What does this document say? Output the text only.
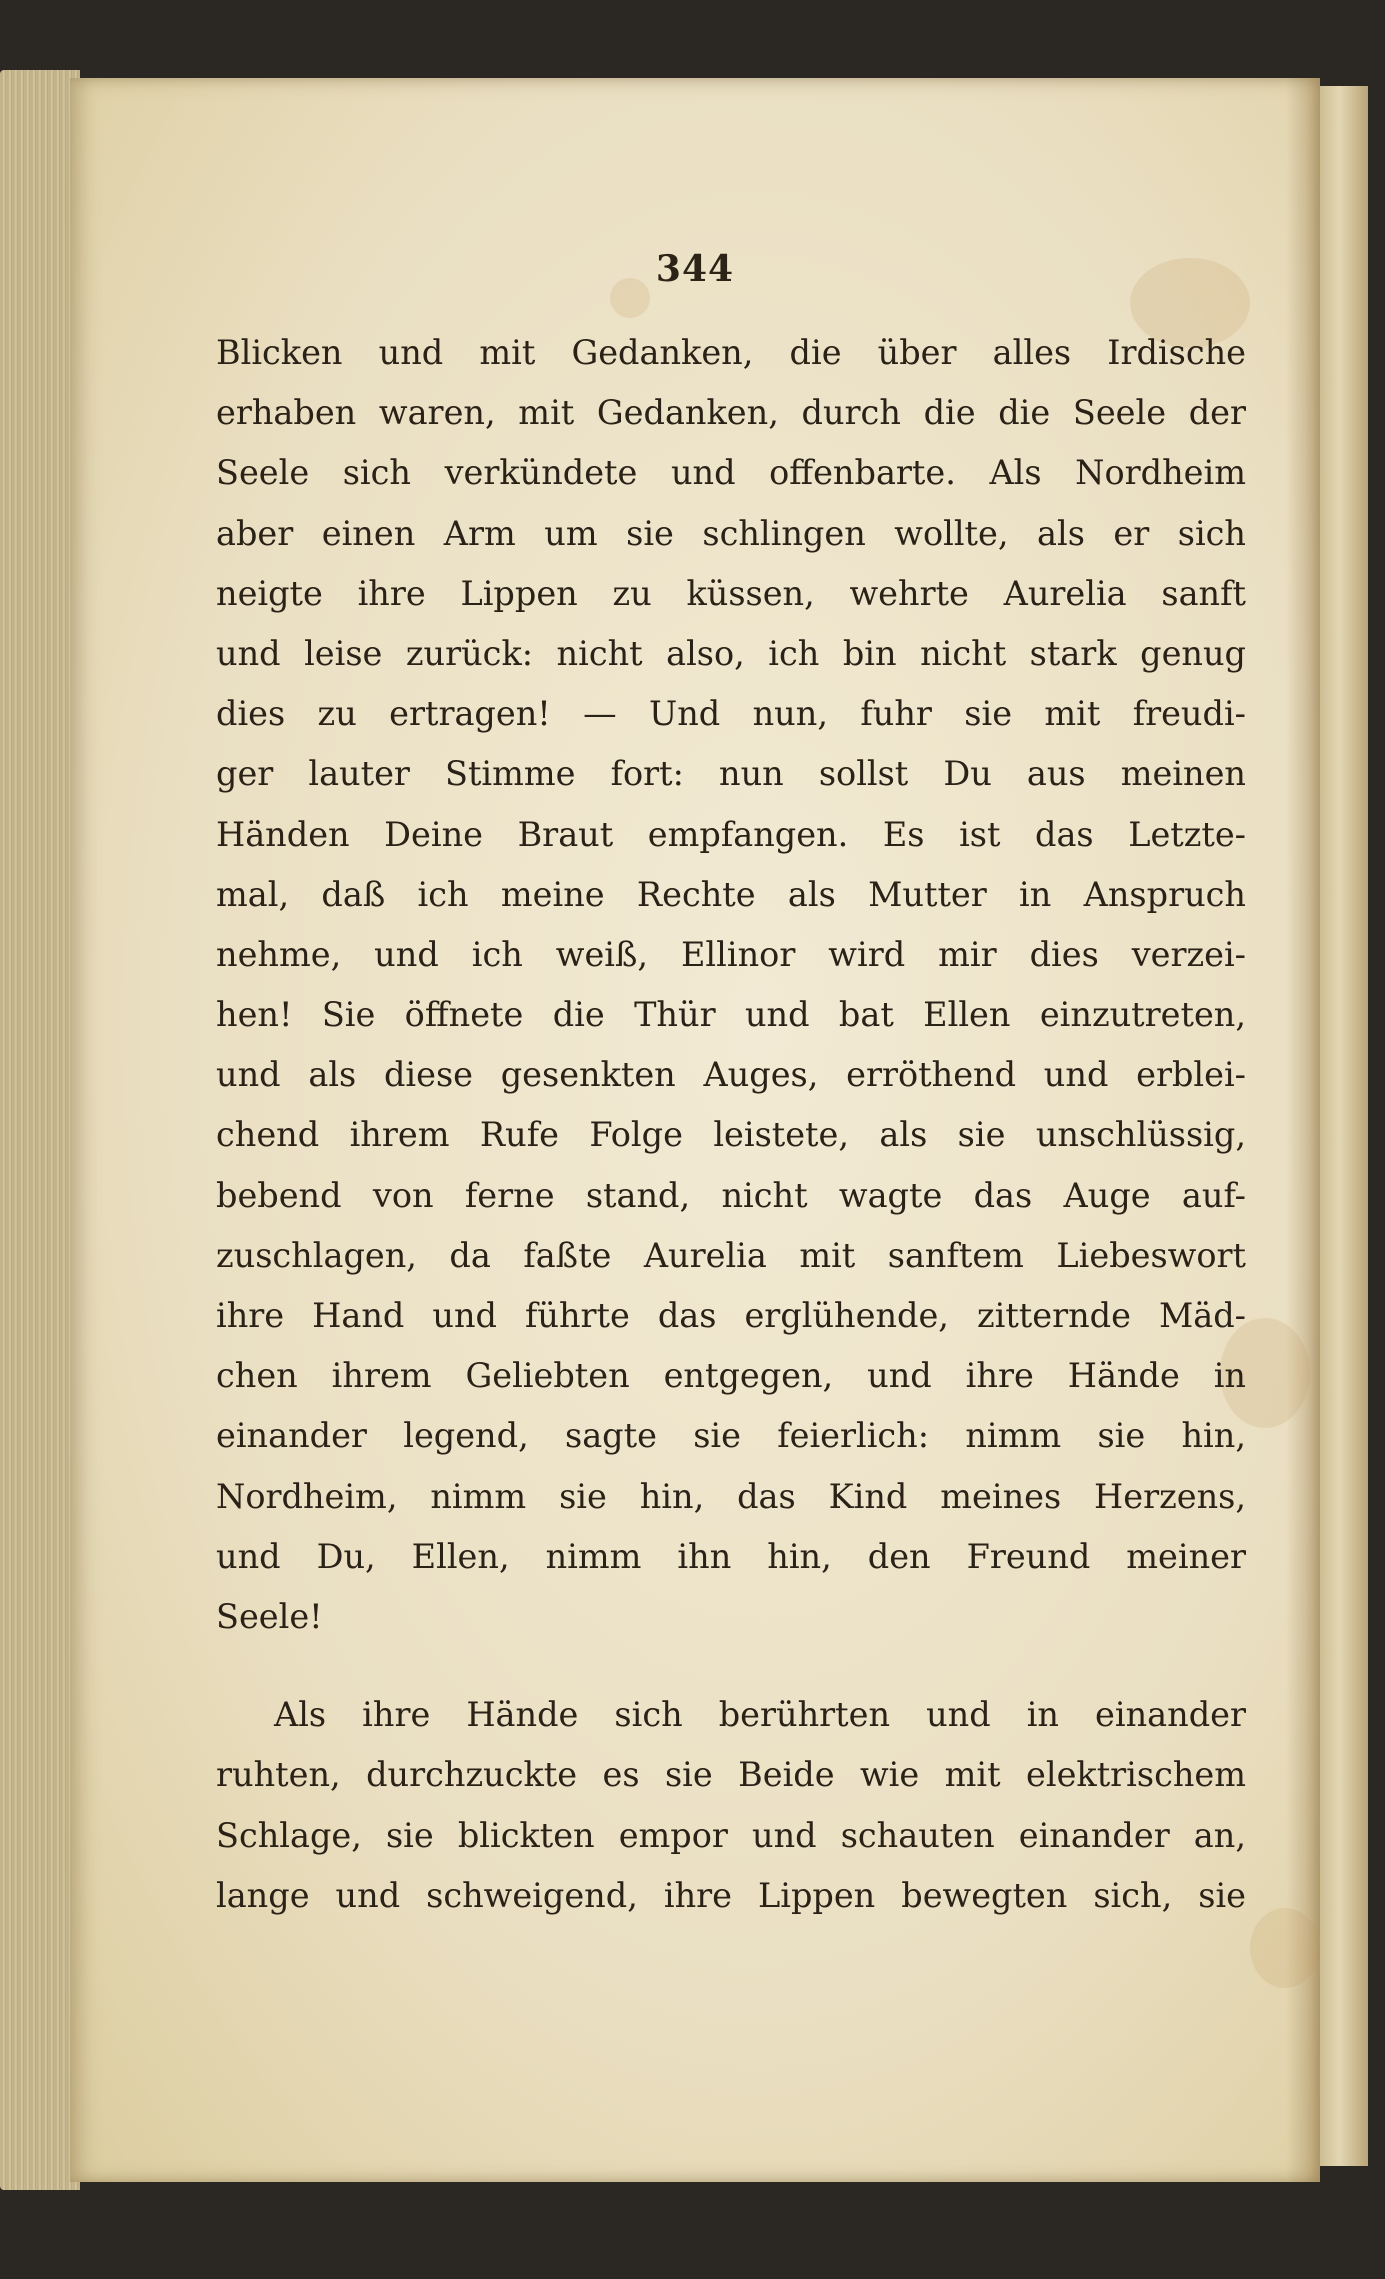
344
Blicken und mit Gedanken, die über alles Irdische
erhaben waren, mit Gedanken, durch die die Seele der
Seele sich verkündete und offenbarte. Als Nordheim
aber einen Arm um sie schlingen wollte, als er sich
neigte ihre Lippen zu küssen, wehrte Aurelia sanft
und leise zurück: nicht also, ich bin nicht stark genug
dies zu ertragen! — Und nun, fuhr sie mit freudi-
ger lauter Stimme fort: nun sollst Du aus meinen
Händen Deine Braut empfangen. Es ist das Letzte-
mal, daß ich meine Rechte als Mutter in Anspruch
nehme, und ich weiß, Ellinor wird mir dies verzei-
hen! Sie öffnete die Thür und bat Ellen einzutreten,
und als diese gesenkten Auges, erröthend und erblei-
chend ihrem Rufe Folge leistete, als sie unschlüssig,
bebend von ferne stand, nicht wagte das Auge auf-
zuschlagen, da faßte Aurelia mit sanftem Liebeswort
ihre Hand und führte das erglühende, zitternde Mäd-
chen ihrem Geliebten entgegen, und ihre Hände in
einander legend, sagte sie feierlich: nimm sie hin,
Nordheim, nimm sie hin, das Kind meines Herzens,
und Du, Ellen, nimm ihn hin, den Freund meiner
Seele!
Als ihre Hände sich berührten und in einander
ruhten, durchzuckte es sie Beide wie mit elektrischem
Schlage, sie blickten empor und schauten einander an,
lange und schweigend, ihre Lippen bewegten sich, sie
